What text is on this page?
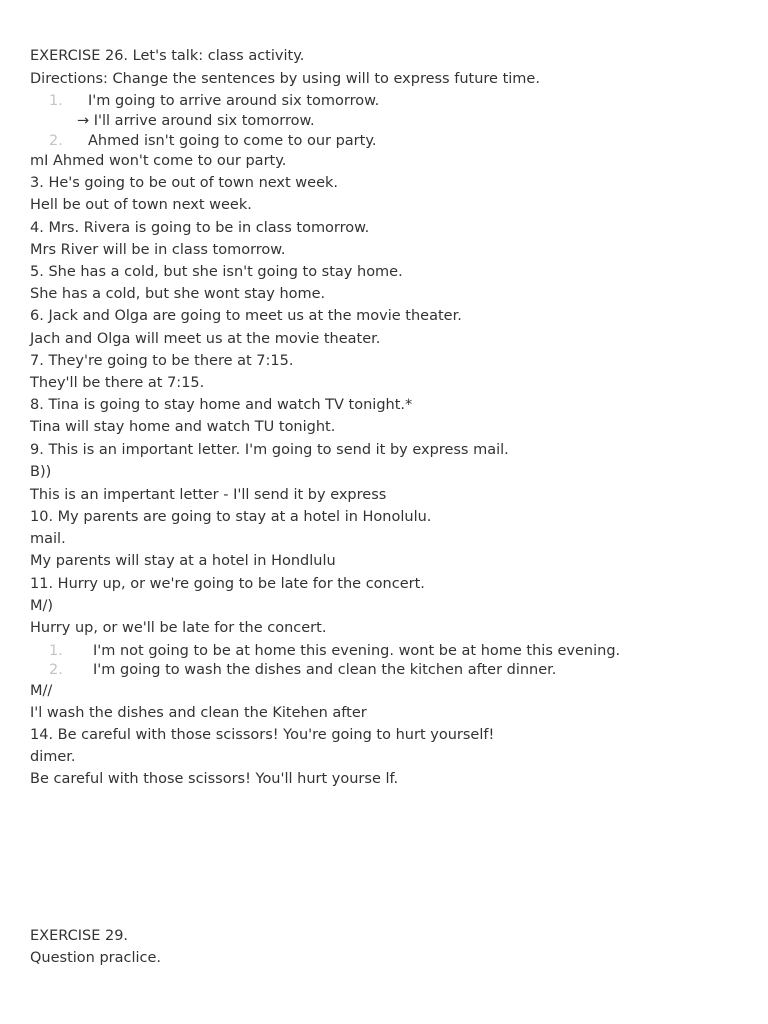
EXERCISE 26. Let's talk: class activity.
Directions: Change the sentences by using will to express future time.
1. I'm going to arrive around six tomorrow.
→ I'll arrive around six tomorrow.
2. Ahmed isn't going to come to our party.
mI Ahmed won't come to our party.
3. He's going to be out of town next week.
Hell be out of town next week.
4. Mrs. Rivera is going to be in class tomorrow.
Mrs River will be in class tomorrow.
5. She has a cold, but she isn't going to stay home.
She has a cold, but she wont stay home.
6. Jack and Olga are going to meet us at the movie theater.
Jach and Olga will meet us at the movie theater.
7. They're going to be there at 7:15.
They'll be there at 7:15.
8. Tina is going to stay home and watch TV tonight.*
Tina will stay home and watch TU tonight.
9. This is an important letter. I'm going to send it by express mail.
B))
This is an impertant letter - I'll send it by express
10. My parents are going to stay at a hotel in Honolulu.
mail.
My parents will stay at a hotel in Hondlulu
11. Hurry up, or we're going to be late for the concert.
M/)
Hurry up, or we'll be late for the concert.
1. I'm not going to be at home this evening. wont be at home this evening.
2. I'm going to wash the dishes and clean the kitchen after dinner.
M//
I'l wash the dishes and clean the Kitehen after
14. Be careful with those scissors! You're going to hurt yourself!
dimer.
Be careful with those scissors! You'll hurt yourse lf.
EXERCISE 29.
Question praclice.
